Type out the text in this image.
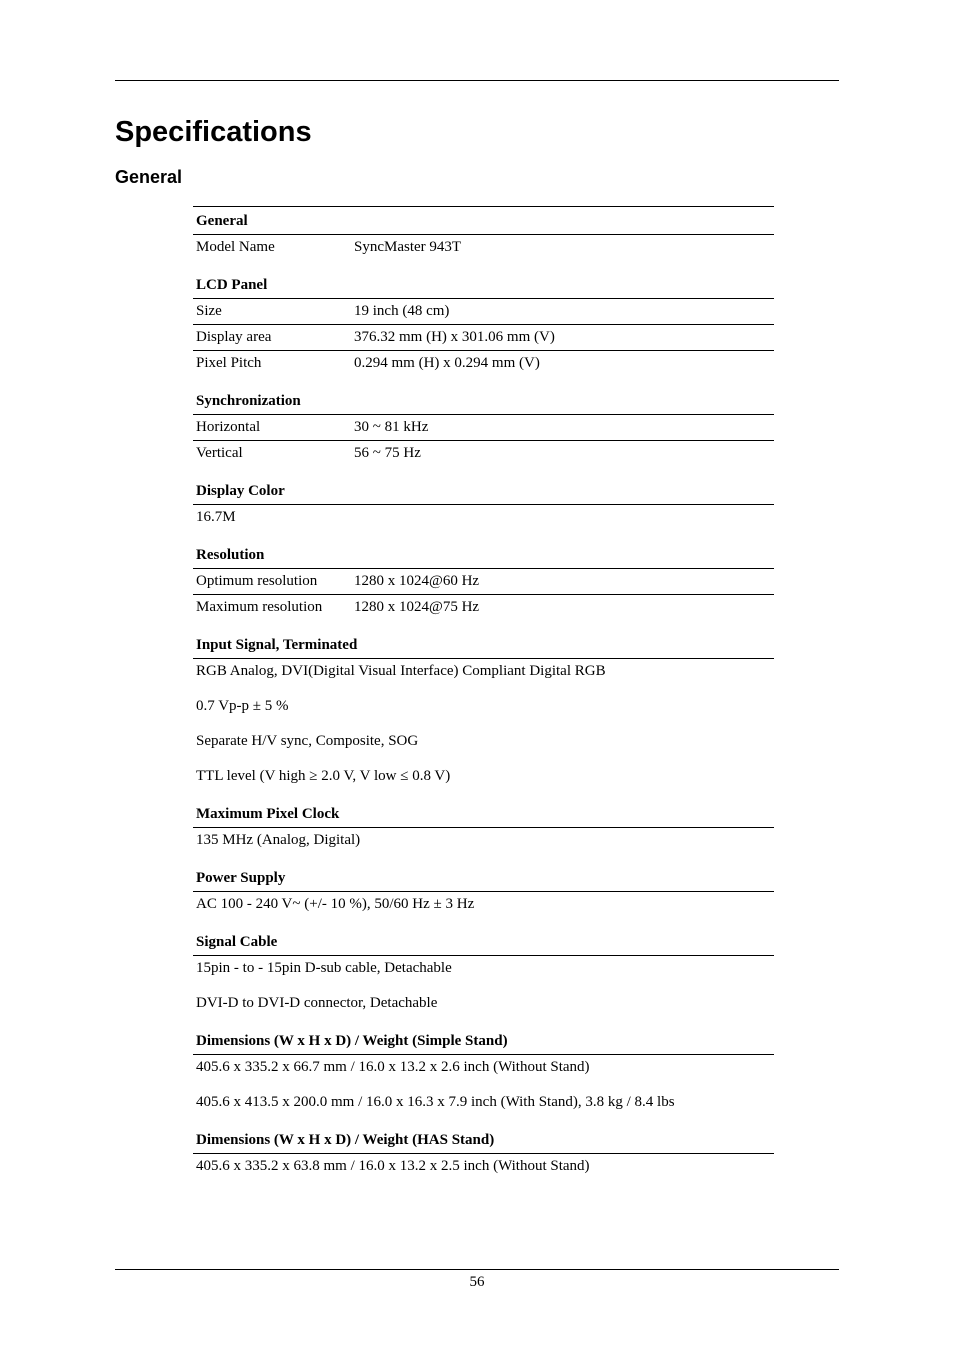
Specifications
General
General
Model Name	SyncMaster 943T
LCD Panel
Size	19 inch (48 cm)
Display area	376.32 mm (H) x 301.06 mm (V)
Pixel Pitch	0.294 mm (H) x 0.294 mm (V)
Synchronization
Horizontal	30 ~ 81 kHz
Vertical	56 ~ 75 Hz
Display Color
16.7M
Resolution
Optimum resolution	1280 x 1024@60 Hz
Maximum resolution	1280 x 1024@75 Hz
Input Signal, Terminated
RGB Analog, DVI(Digital Visual Interface) Compliant Digital RGB
0.7 Vp-p ± 5 %
Separate H/V sync, Composite, SOG
TTL level (V high ≥ 2.0 V, V low ≤ 0.8 V)
Maximum Pixel Clock
135 MHz (Analog, Digital)
Power Supply
AC 100 - 240 V~ (+/- 10 %), 50/60 Hz ± 3 Hz
Signal Cable
15pin - to - 15pin D-sub cable, Detachable
DVI-D to DVI-D connector, Detachable
Dimensions (W x H x D) / Weight (Simple Stand)
405.6 x 335.2 x 66.7 mm / 16.0 x 13.2 x 2.6 inch (Without Stand)
405.6 x 413.5 x 200.0 mm / 16.0 x 16.3 x 7.9 inch (With Stand), 3.8 kg / 8.4 lbs
Dimensions (W x H x D) / Weight (HAS Stand)
405.6 x 335.2 x 63.8 mm / 16.0 x 13.2 x 2.5 inch (Without Stand)
56
